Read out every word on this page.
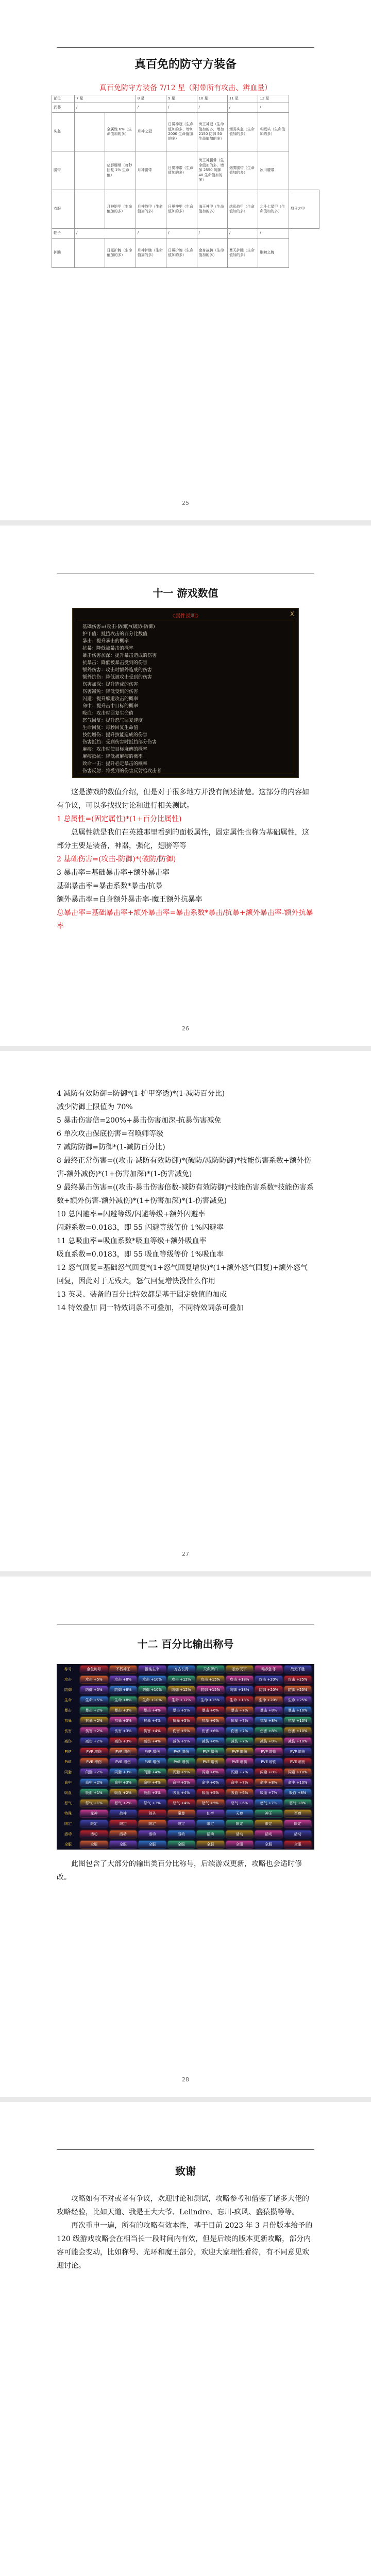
真百免的防守方装备
真百免防守方装备 7/12 星（附带所有攻击、辨血量）
部位	7 星		8 星	9 星	10 星	11 星	12 星	
武器	/		/	/	/	/	/	
头盔		全属性 6%（生命值加的多）	月神之冠	日冕神冠（生命值加的多，增加 2000 生命值加的多）	海王神冠（生命值加的多，增加 2150 防御 50 生命值加的多）	烟雾头盔（生命值加的多）	冬眠头（生命值加的多）	
腰带		暗影腰带（每秒回复 1% 生命值）	月神腰带	日冕神带（生命值加的多）	海王神腰带（生命值加的多，增加 2550 防御 40 生命值加的多）	烟雾腰带（生命值加的多）	冰川腰带	
衣服		月神铠甲（生命值加的多）	月神战甲（生命值加的多）	日冕神甲（生命值加的多）	海王神甲（生命值加的多）	炫彩战甲（生命值加的多）	北斗七星甲（生命值加的多）	烈日之甲
鞋子	/		/	/	/	/	/	
护腕		日冕护腕（生命值加的多）	月神护腕（生命值加的多）	日冕护腕（生命值加的多）	金身战腕（生命值加的多）	暴天护腕（生命值加的多）	荆棘之腕	
25
十一 游戏数值
《属性说明》	X
基础伤害=(攻击-防御)*(破防-防御)
护甲值：抵挡攻击的百分比数值
暴击：提升暴击的概率
抗暴：降低被暴击的概率
暴击伤害加深：提升暴击造成的伤害
抗暴击：降低被暴击受到的伤害
额外伤害：攻击时额外造成的伤害
额外抗伤：降低被攻击受到的伤害
伤害加深：提升造成的伤害
伤害减免：降低受到的伤害
闪避：提升躲避攻击的概率
命中：提升击中目标的概率
吸血：攻击时回复生命值
怒气回复：提升怒气回复速度
生命回复：每秒回复生命值
技能增伤：提升技能造成的伤害
伤害抵挡：受到伤害时抵挡部分伤害
麻痹：攻击时使目标麻痹的概率
麻痹抵抗：降低被麻痹的概率
致命一击：提升必定暴击的概率
伤害反射：将受到的伤害反射给攻击者

这是游戏的数值介绍，但是对于很多地方并没有阐述清楚。这部分的内容如有争议，可以多找找讨论和进行相关测试。

1 总属性=(固定属性)*(1+百分比属性)

总属性就是我们在英雄那里看到的面板属性，固定属性也称为基础属性，这部分主要是装备，神器，强化，翅膀等等

2 基础伤害=(攻击-防御)*(破防/防御)

3 暴击率=基础暴击率+额外暴击率

基础暴击率=暴击系数*暴击/抗暴

额外暴击率=自身额外暴击率-魔王额外抗暴率

总暴击率=基础暴击率+额外暴击率=暴击系数*暴击/抗暴+额外暴击率-额外抗暴率

26

4 减防有效防御=防御*(1-护甲穿透)*(1-减防百分比)

减少防御上限值为 70%

5 暴击伤害倍=200%+暴击伤害加深-抗暴伤害减免

6 单次攻击保底伤害=召唤师等级

7 减防防御=防御*(1-减防百分比)

8 最终正常伤害=((攻击-减防有效防御)*(破防/减防防御)*技能伤害系数+额外伤害-额外减伤)*(1+伤害加深)*(1-伤害减免)

9 最终暴击伤害=((攻击-暴击伤害倍数-减防有效防御)*技能伤害系数*技能伤害系数+额外伤害-额外减伤)*(1+伤害加深)*(1-伤害减免)

10 总闪避率=闪避等级/闪避等级+额外闪避率

闪避系数=0.0183，即 55 闪避等级等价 1%闪避率

11 总吸血率=吸血系数*吸血等级+额外吸血率

吸血系数=0.0183，即 55 吸血等级等价 1%吸血率

12 怒气回复=基础怒气回复*(1+怒气回复增快)*(1+额外怒气回复)+额外怒气回复，因此对于无残大，怒气回复增快没什么作用

13 英灵、装备的百分比特效都是基于固定数值的加成

14 特效叠加 同一特效词条不可叠加，不同特效词条可叠加

27
十二 百分比输出称号
称号	金色称号	不朽神王	混沌主宰	万古长青	天命所归	独步天下	唯我独尊	战无不胜
攻击	攻击 +5%	攻击 +8%	攻击 +10%	攻击 +12%	攻击 +15%	攻击 +18%	攻击 +20%	攻击 +25%
防御	防御 +5%	防御 +8%	防御 +10%	防御 +12%	防御 +15%	防御 +18%	防御 +20%	防御 +25%
生命	生命 +5%	生命 +8%	生命 +10%	生命 +12%	生命 +15%	生命 +18%	生命 +20%	生命 +25%
暴击	暴击 +2%	暴击 +3%	暴击 +4%	暴击 +5%	暴击 +6%	暴击 +7%	暴击 +8%	暴击 +10%
抗暴	抗暴 +2%	抗暴 +3%	抗暴 +4%	抗暴 +5%	抗暴 +6%	抗暴 +7%	抗暴 +8%	抗暴 +10%
伤害	伤害 +2%	伤害 +3%	伤害 +4%	伤害 +5%	伤害 +6%	伤害 +7%	伤害 +8%	伤害 +10%
减伤	减伤 +2%	减伤 +3%	减伤 +4%	减伤 +5%	减伤 +6%	减伤 +7%	减伤 +8%	减伤 +10%
PVP	PVP 增伤	PVP 增伤	PVP 增伤	PVP 增伤	PVP 增伤	PVP 增伤	PVP 增伤	PVP 增伤
PVE	PVE 增伤	PVE 增伤	PVE 增伤	PVE 增伤	PVE 增伤	PVE 增伤	PVE 增伤	PVE 增伤
闪避	闪避 +2%	闪避 +3%	闪避 +4%	闪避 +5%	闪避 +6%	闪避 +7%	闪避 +8%	闪避 +10%
命中	命中 +2%	命中 +3%	命中 +4%	命中 +5%	命中 +6%	命中 +7%	命中 +8%	命中 +10%
吸血	吸血 +1%	吸血 +2%	吸血 +3%	吸血 +4%	吸血 +5%	吸血 +6%	吸血 +7%	吸血 +8%
怒气	怒气 +1%	怒气 +2%	怒气 +3%	怒气 +4%	怒气 +5%	怒气 +6%	怒气 +7%	怒气 +8%
特殊	龙神	战神	剑圣	魔尊	仙帝	天尊	神王	至尊
限定	限定	限定	限定	限定	限定	限定	限定	限定
活动	活动	活动	活动	活动	活动	活动	活动	活动
全服	全服	全服	全服	全服	全服	全服	全服	全服

此图包含了大部分的输出类百分比称号，后续游戏更新，攻略也会适时修改。

28
致谢

攻略如有不对或者有争议，欢迎讨论和测试，攻略参考和借鉴了诸多大佬的攻略经验，比如天道、我是王大大爷、Lelindre、忘川-疯风、盛猿攒等等。

再次重申一遍，所有的攻略有效本性，基于目前 2023 年 3 月份版本给予的 120 级游戏攻略会在相当长一段时间内有效，但是后续的版本更新攻略，部分内容可能会变动，比如称号、光环和魔王部分，欢迎大家理性看待，有不同意见欢迎讨论。
